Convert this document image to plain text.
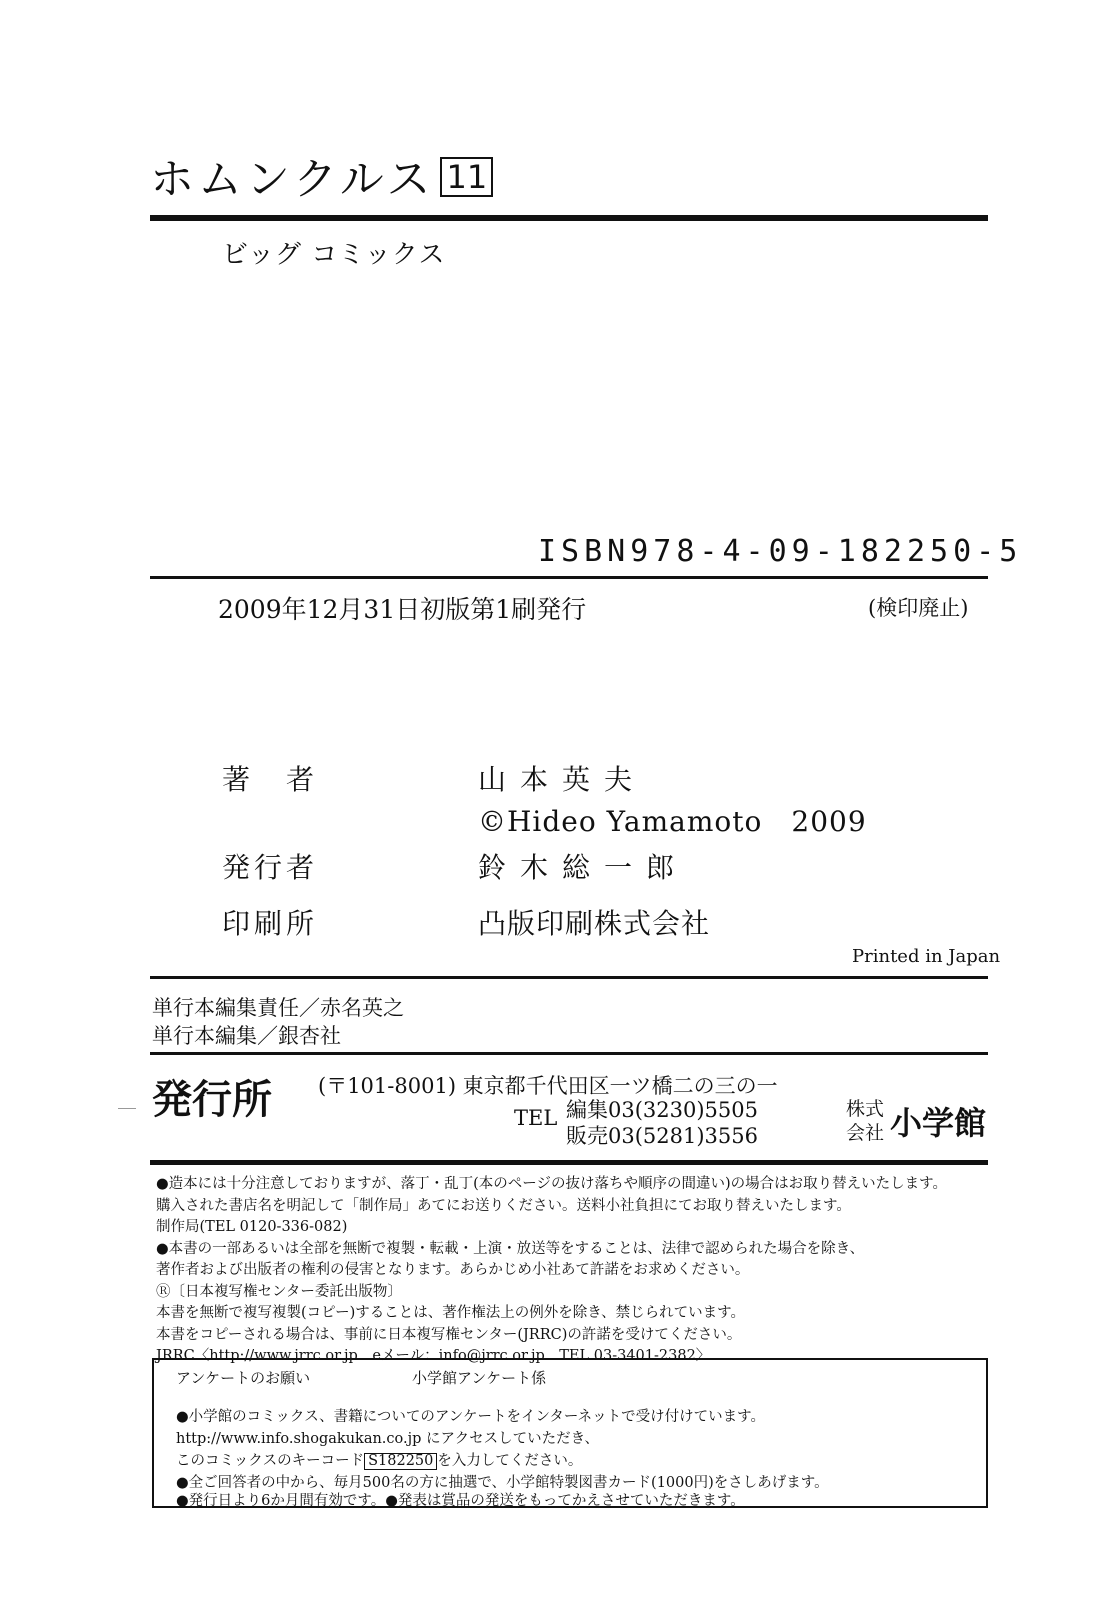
ホムンクルス 11
ビッグ コミックス
ISBN978-4-09-182250-5
2009年12月31日初版第1刷発行	(検印廃止)
著　者	山本英夫
©Hideo Yamamoto　2009
発行者	鈴木総一郎
印刷所	凸版印刷株式会社
Printed in Japan
単行本編集責任／赤名英之
単行本編集／銀杏社
発行所 (〒101-8001) 東京都千代田区一ツ橋二の三の一
TEL 編集03(3230)5505
販売03(5281)3556
株式
会社 小学館
●造本には十分注意しておりますが、落丁・乱丁(本のページの抜け落ちや順序の間違い)の場合はお取り替えいたします。
購入された書店名を明記して「制作局」あてにお送りください。送料小社負担にてお取り替えいたします。
制作局(TEL 0120-336-082)
●本書の一部あるいは全部を無断で複製・転載・上演・放送等をすることは、法律で認められた場合を除き、
著作者および出版者の権利の侵害となります。あらかじめ小社あて許諾をお求めください。
Ⓡ〔日本複写権センター委託出版物〕
本書を無断で複写複製(コピー)することは、著作権法上の例外を除き、禁じられています。
本書をコピーされる場合は、事前に日本複写権センター(JRRC)の許諾を受けてください。
JRRC〈http://www.jrrc.or.jp　eメール：info@jrrc.or.jp　TEL 03-3401-2382〉
アンケートのお願い	小学館アンケート係
●小学館のコミックス、書籍についてのアンケートをインターネットで受け付けています。
http://www.info.shogakukan.co.jp にアクセスしていただき、
このコミックスのキーコード S182250 を入力してください。
●全ご回答者の中から、毎月500名の方に抽選で、小学館特製図書カード(1000円)をさしあげます。
●発行日より6か月間有効です。●発表は賞品の発送をもってかえさせていただきます。
